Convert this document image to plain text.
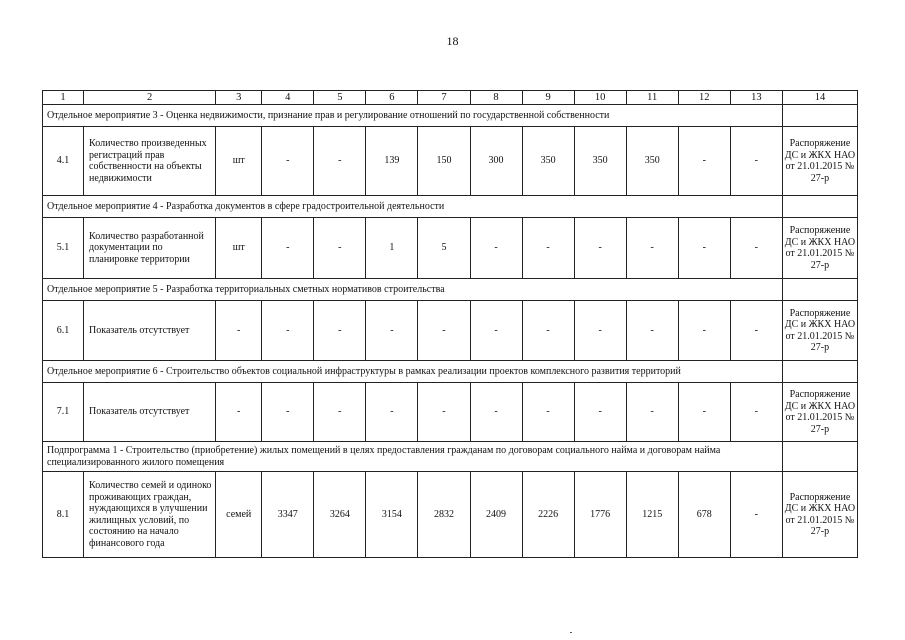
18
1	2	3	4	5	6	7	8	9	10	11	12	13	14
Отдельное мероприятие 3 - Оценка недвижимости, признание прав и регулирование отношений по государственной собственности													
4.1	Количество произведенных регистраций прав собственности на объекты недвижимости	шт	-	-	139	150	300	350	350	350	-	-	Распоряжение ДС и ЖКХ НАО от 21.01.2015 № 27-р
Отдельное мероприятие 4 - Разработка документов в сфере градостроительной деятельности													
5.1	Количество разработанной документации по планировке территории	шт	-	-	1	5	-	-	-	-	-	-	Распоряжение ДС и ЖКХ НАО от 21.01.2015 № 27-р
Отдельное мероприятие 5 - Разработка территориальных сметных нормативов строительства													
6.1	Показатель отсутствует	-	-	-	-	-	-	-	-	-	-	-	Распоряжение ДС и ЖКХ НАО от 21.01.2015 № 27-р
Отдельное мероприятие 6 - Строительство объектов социальной инфраструктуры в рамках реализации проектов комплексного развития территорий													
7.1	Показатель отсутствует	-	-	-	-	-	-	-	-	-	-	-	Распоряжение ДС и ЖКХ НАО от 21.01.2015 № 27-р
Подпрограмма 1 - Строительство (приобретение) жилых помещений в целях предоставления гражданам по договорам социального найма и договорам найма специализированного жилого помещения													
8.1	Количество семей и одиноко проживающих граждан, нуждающихся в улучшении жилищных условий, по состоянию на начало финансового года	семей	3347	3264	3154	2832	2409	2226	1776	1215	678	-	Распоряжение ДС и ЖКХ НАО от 21.01.2015 № 27-р
